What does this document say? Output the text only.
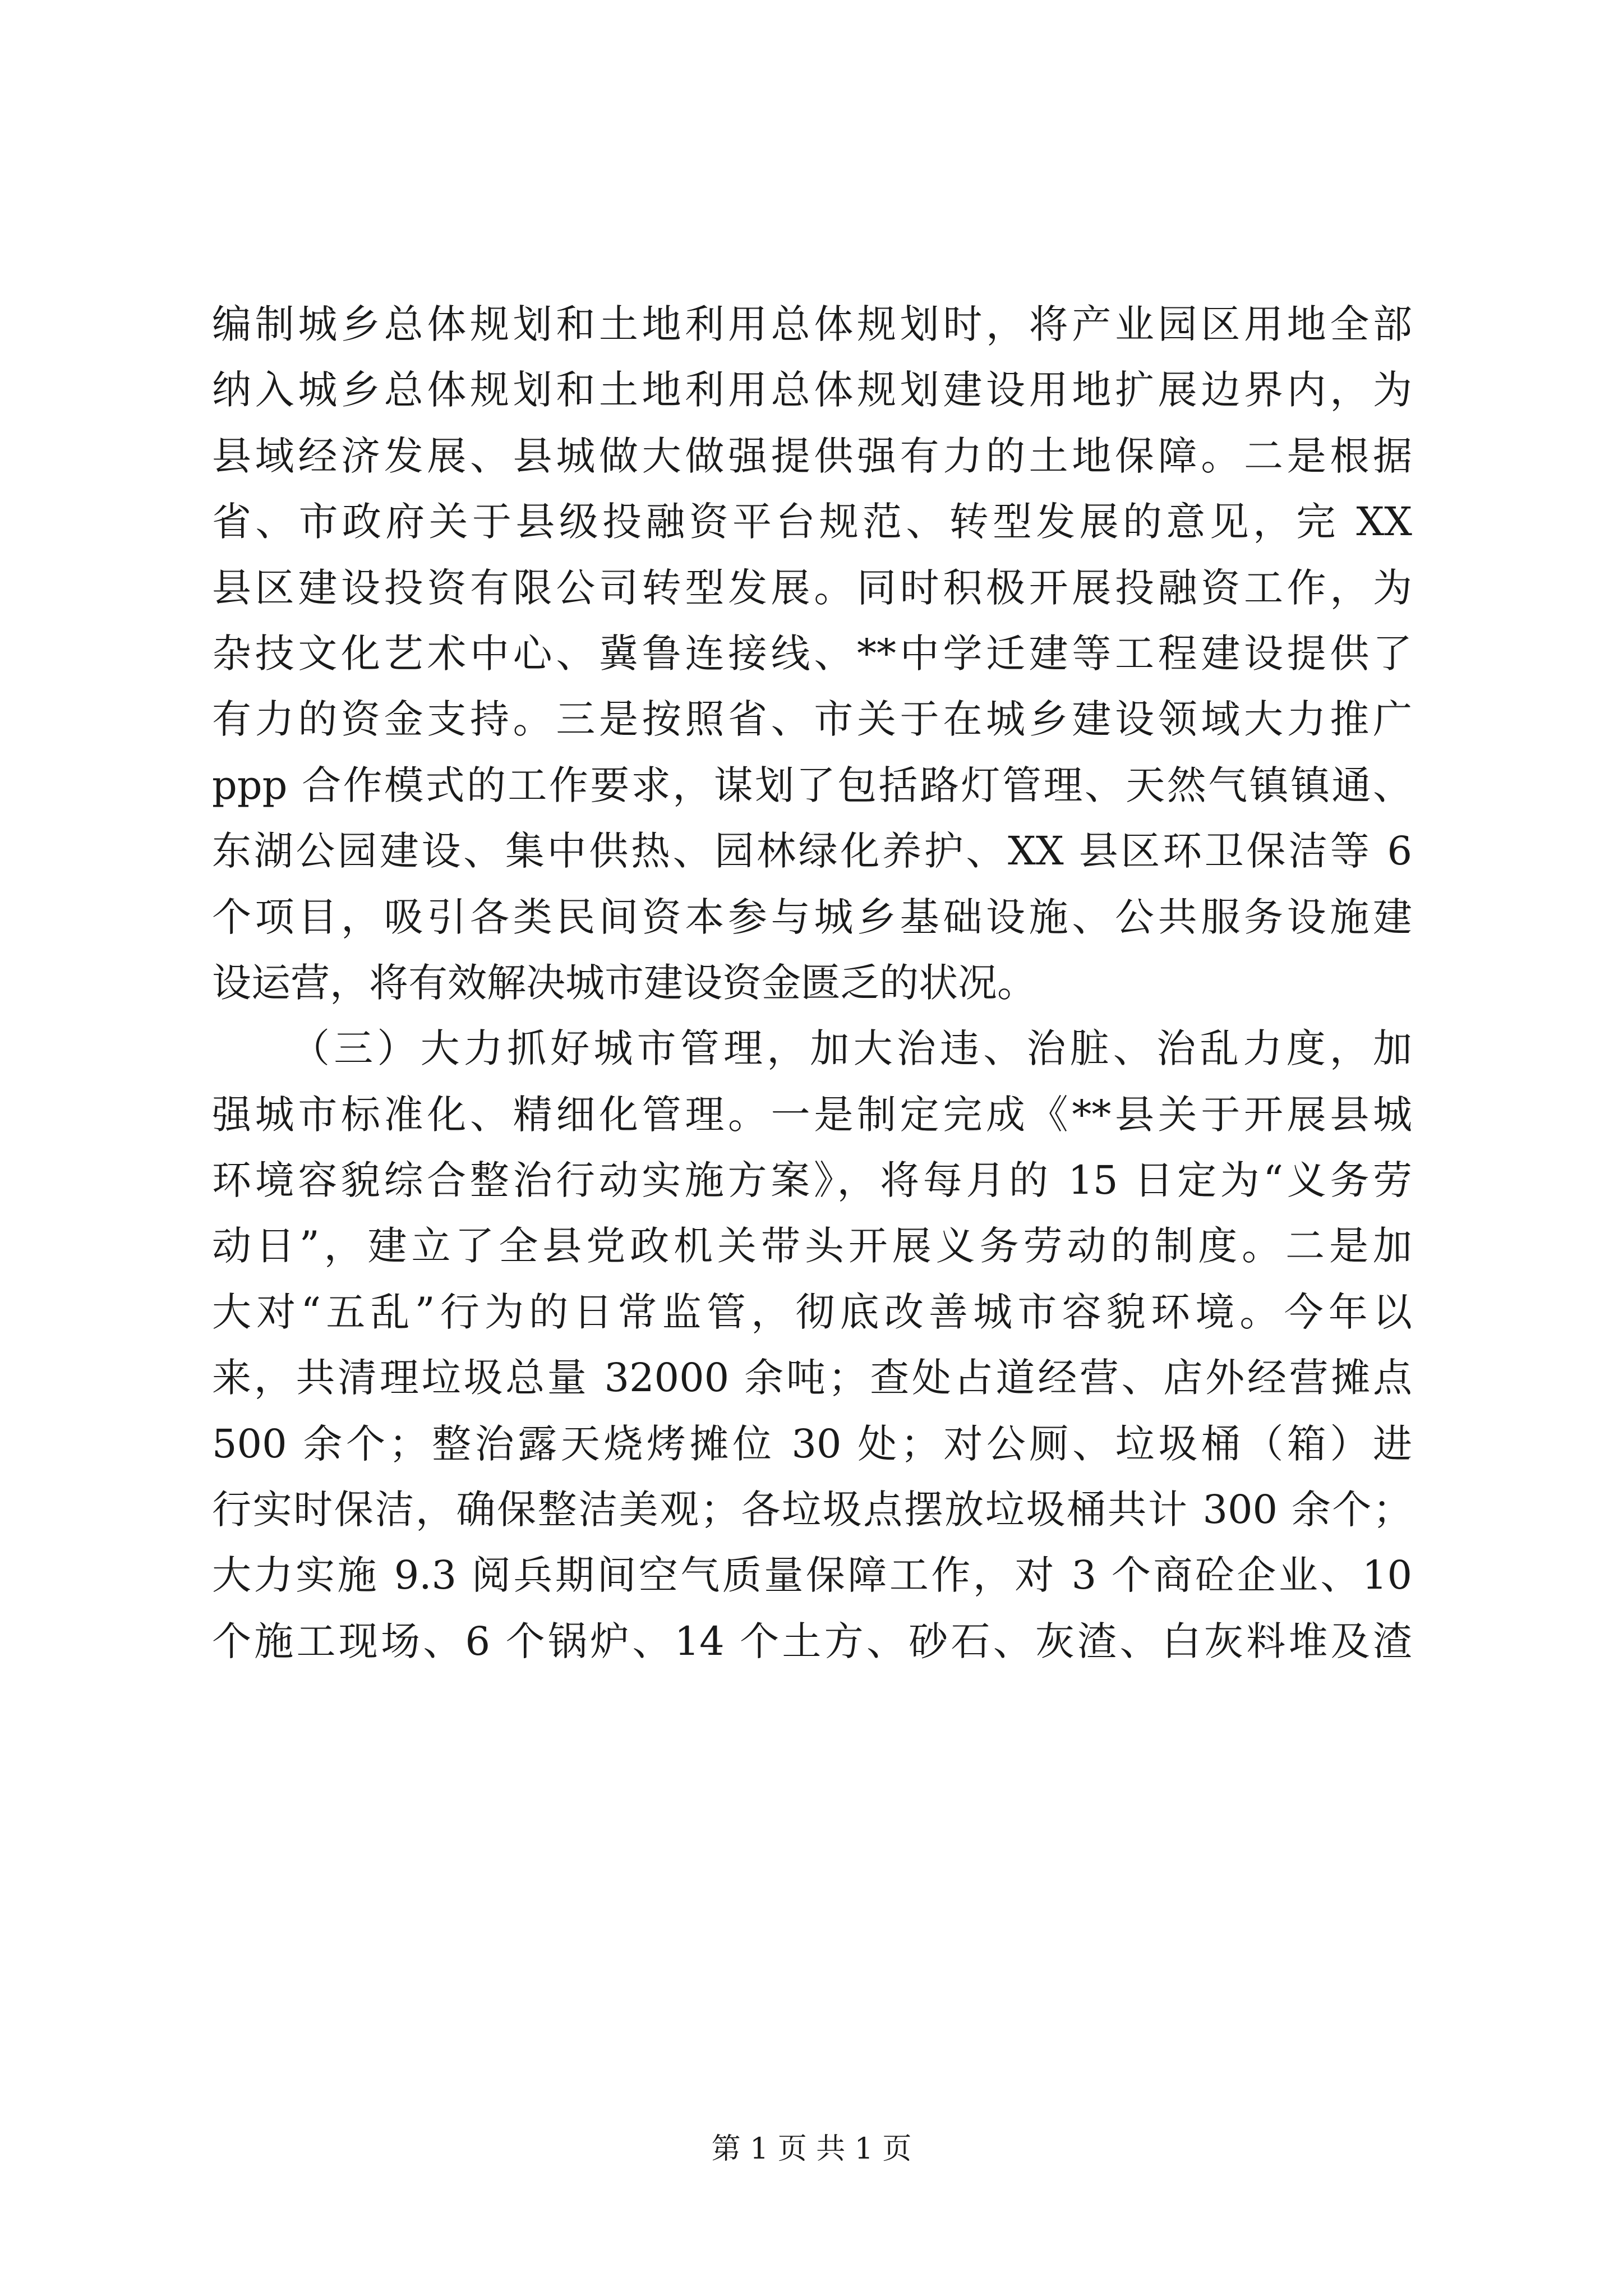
编制城乡总体规划和土地利用总体规划时，将产业园区用地全部
纳入城乡总体规划和土地利用总体规划建设用地扩展边界内，为
县域经济发展、县城做大做强提供强有力的土地保障。二是根据
省、市政府关于县级投融资平台规范、转型发展的意见，完 XX
县区建设投资有限公司转型发展。同时积极开展投融资工作，为
杂技文化艺术中心、冀鲁连接线、**中学迁建等工程建设提供了
有力的资金支持。三是按照省、市关于在城乡建设领域大力推广
ppp 合作模式的工作要求，谋划了包括路灯管理、天然气镇镇通、
东湖公园建设、集中供热、园林绿化养护、XX 县区环卫保洁等 6
个项目，吸引各类民间资本参与城乡基础设施、公共服务设施建
设运营，将有效解决城市建设资金匮乏的状况。
（三）大力抓好城市管理，加大治违、治脏、治乱力度，加
强城市标准化、精细化管理。一是制定完成《**县关于开展县城
环境容貌综合整治行动实施方案》，将每月的 15 日定为“义务劳
动日”，建立了全县党政机关带头开展义务劳动的制度。二是加
大对“五乱”行为的日常监管，彻底改善城市容貌环境。今年以
来，共清理垃圾总量 32000 余吨；查处占道经营、店外经营摊点
500 余个；整治露天烧烤摊位 30 处；对公厕、垃圾桶（箱）进
行实时保洁，确保整洁美观；各垃圾点摆放垃圾桶共计 300 余个；
大力实施 9.3 阅兵期间空气质量保障工作，对 3 个商砼企业、10
个施工现场、6 个锅炉、14 个土方、砂石、灰渣、白灰料堆及渣
第 1 页 共 1 页
